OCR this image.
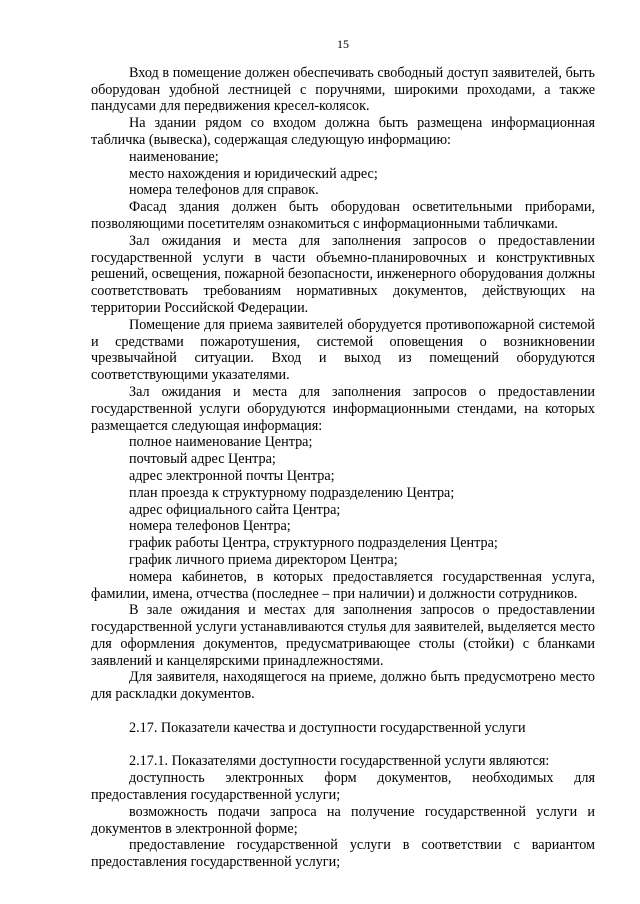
15

Вход в помещение должен обеспечивать свободный доступ заявителей, быть оборудован удобной лестницей с поручнями, широкими проходами, а также пандусами для передвижения кресел-колясок.

На здании рядом со входом должна быть размещена информационная табличка (вывеска), содержащая следующую информацию:

наименование;

место нахождения и юридический адрес;

номера телефонов для справок.

Фасад здания должен быть оборудован осветительными приборами, позволяющими посетителям ознакомиться с информационными табличками.

Зал ожидания и места для заполнения запросов о предоставлении государственной услуги в части объемно-планировочных и конструктивных решений, освещения, пожарной безопасности, инженерного оборудования должны соответствовать требованиям нормативных документов, действующих на территории Российской Федерации.

Помещение для приема заявителей оборудуется противопожарной системой и средствами пожаротушения, системой оповещения о возникновении чрезвычайной ситуации. Вход и выход из помещений оборудуются соответствующими указателями.

Зал ожидания и места для заполнения запросов о предоставлении государственной услуги оборудуются информационными стендами, на которых размещается следующая информация:

полное наименование Центра;

почтовый адрес Центра;

адрес электронной почты Центра;

план проезда к структурному подразделению Центра;

адрес официального сайта Центра;

номера телефонов Центра;

график работы Центра, структурного подразделения Центра;

график личного приема директором Центра;

номера кабинетов, в которых предоставляется государственная услуга, фамилии, имена, отчества (последнее – при наличии) и должности сотрудников.

В зале ожидания и местах для заполнения запросов о предоставлении государственной услуги устанавливаются стулья для заявителей, выделяется место для оформления документов, предусматривающее столы (стойки) с бланками заявлений и канцелярскими принадлежностями.

Для заявителя, находящегося на приеме, должно быть предусмотрено место для раскладки документов.

2.17. Показатели качества и доступности государственной услуги

2.17.1. Показателями доступности государственной услуги являются:

доступность электронных форм документов, необходимых для предоставления государственной услуги;

возможность подачи запроса на получение государственной услуги и документов в электронной форме;

предоставление государственной услуги в соответствии с вариантом предоставления государственной услуги;
